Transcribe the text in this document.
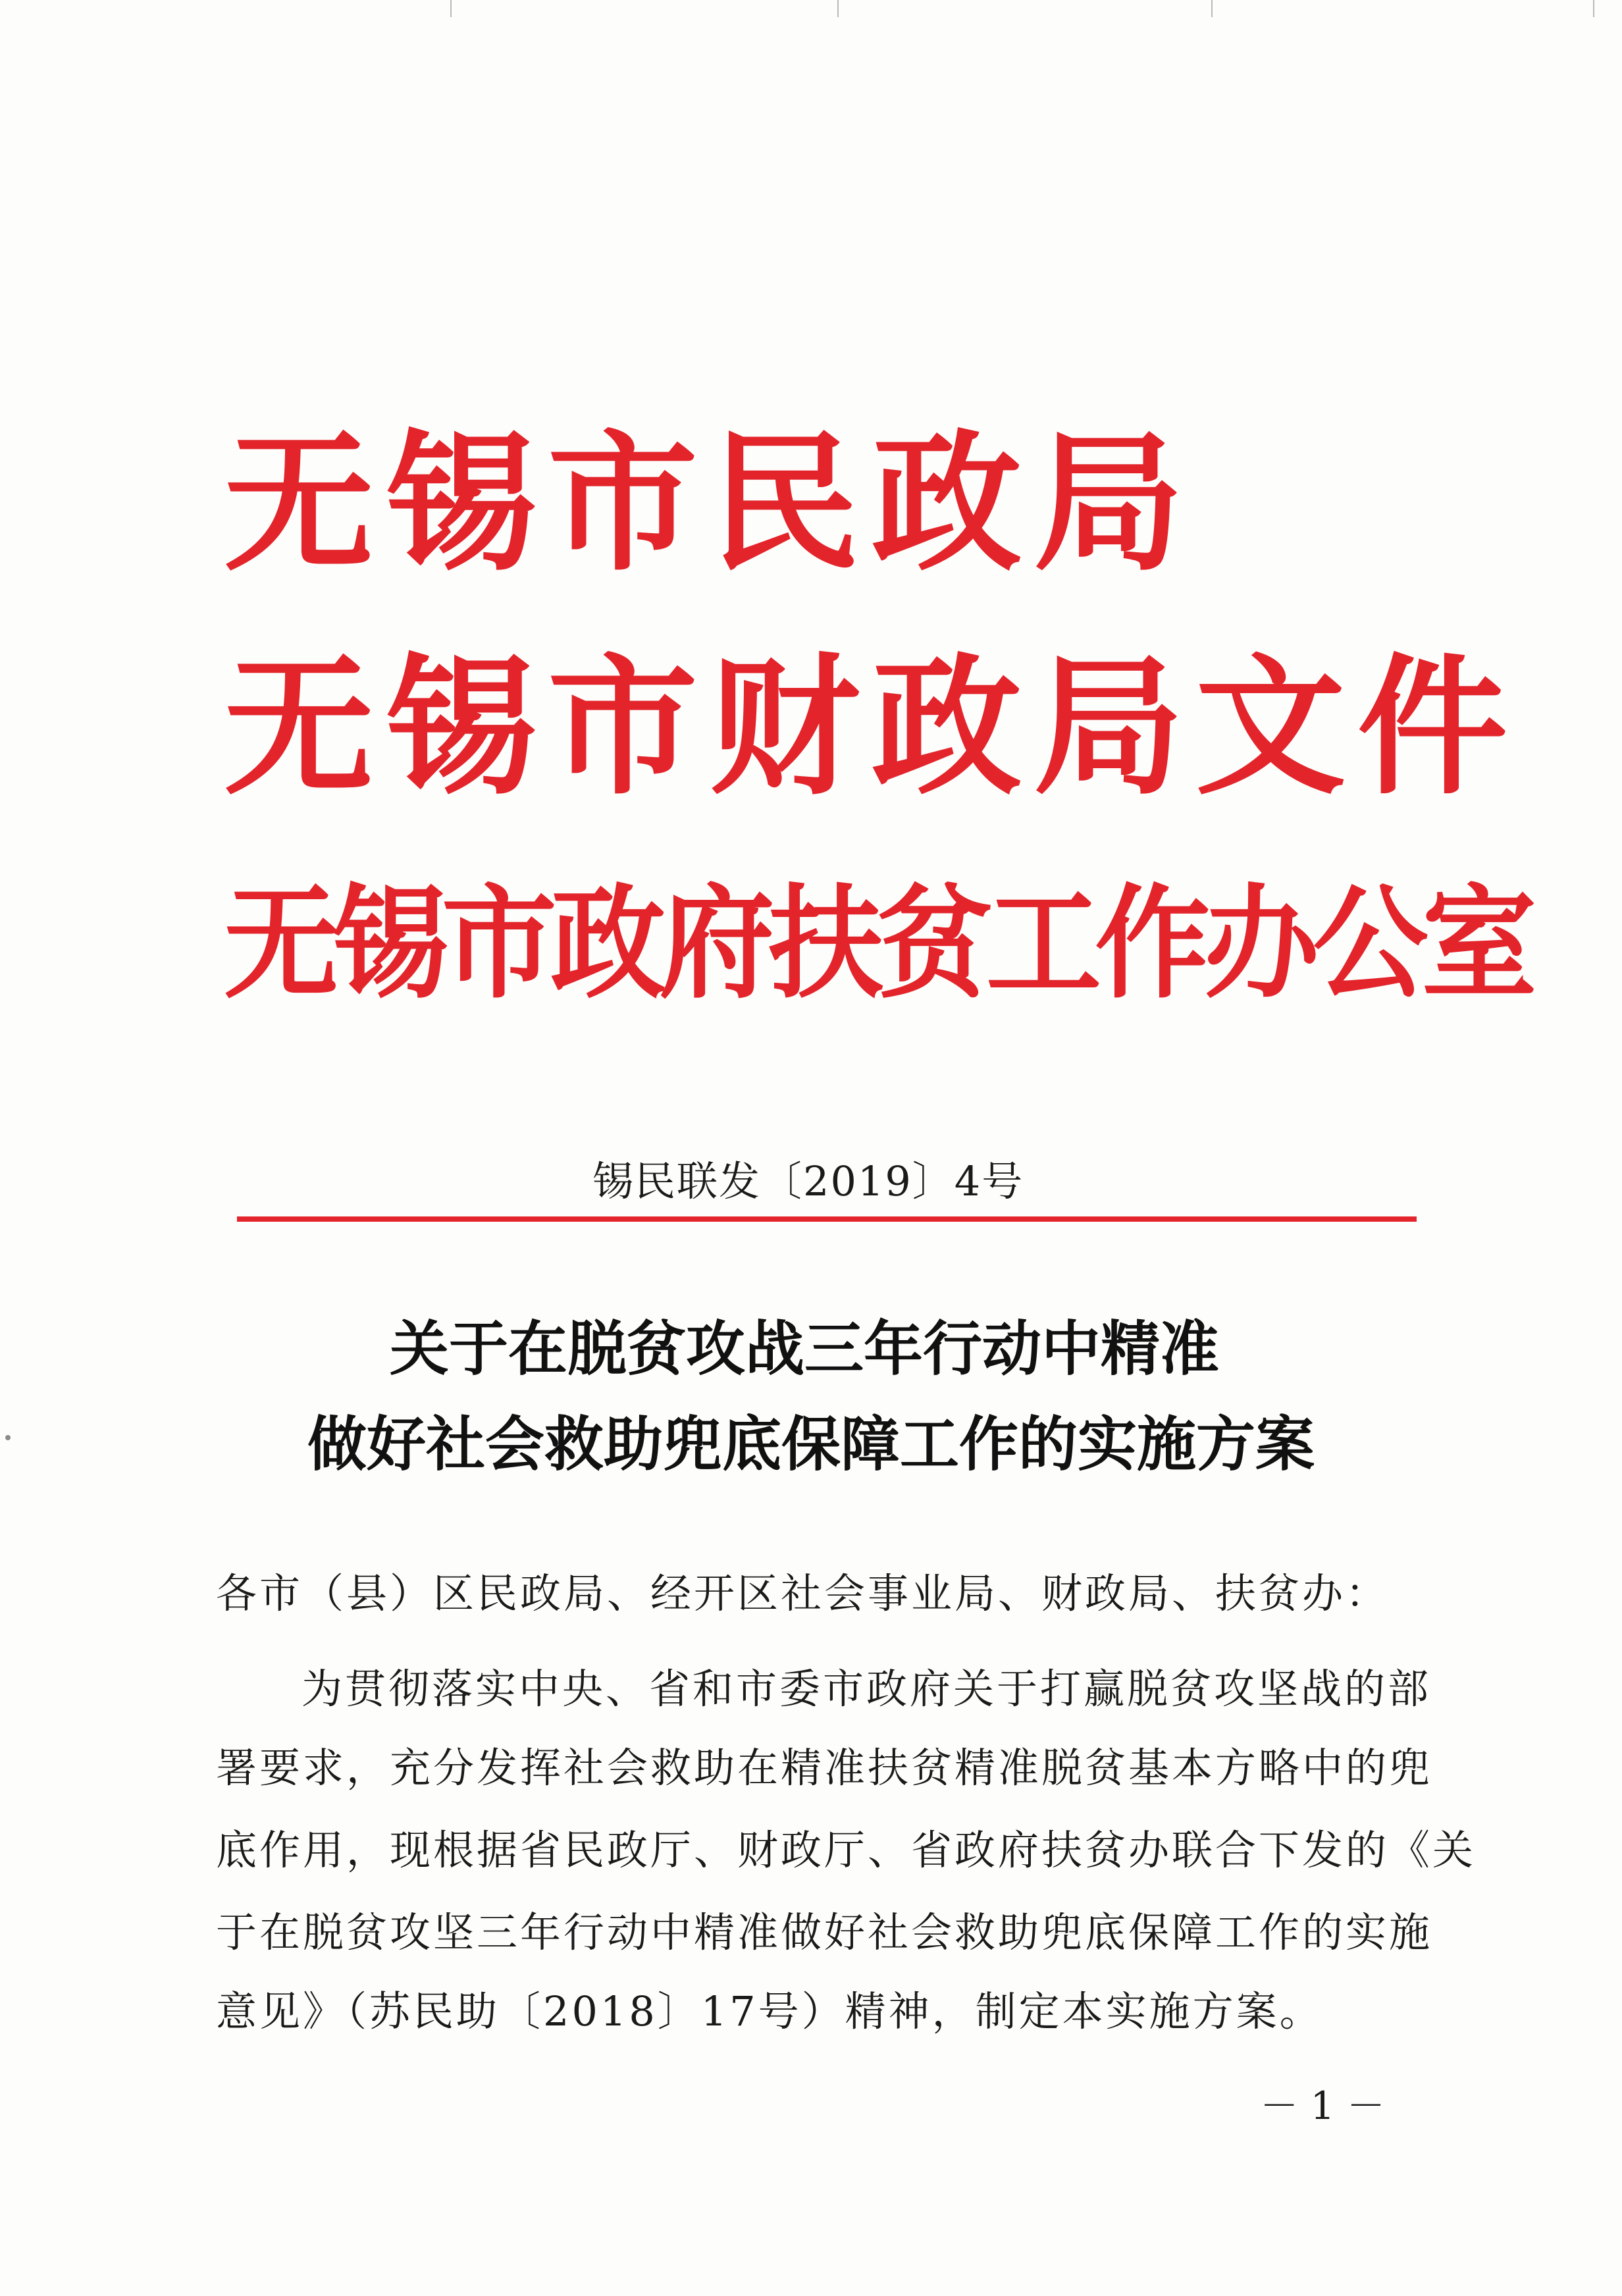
无锡市民政局
无锡市财政局文件
无锡市政府扶贫工作办公室
锡民联发〔2019〕4号
关于在脱贫攻战三年行动中精准
做好社会救助兜底保障工作的实施方案
各市（县）区民政局、经开区社会事业局、财政局、扶贫办：
为贯彻落实中央、省和市委市政府关于打赢脱贫攻坚战的部
署要求，充分发挥社会救助在精准扶贫精准脱贫基本方略中的兜
底作用，现根据省民政厅、财政厅、省政府扶贫办联合下发的《关
于在脱贫攻坚三年行动中精准做好社会救助兜底保障工作的实施
意见》（苏民助〔2018〕17号）精神，制定本实施方案。
－ 1 －
